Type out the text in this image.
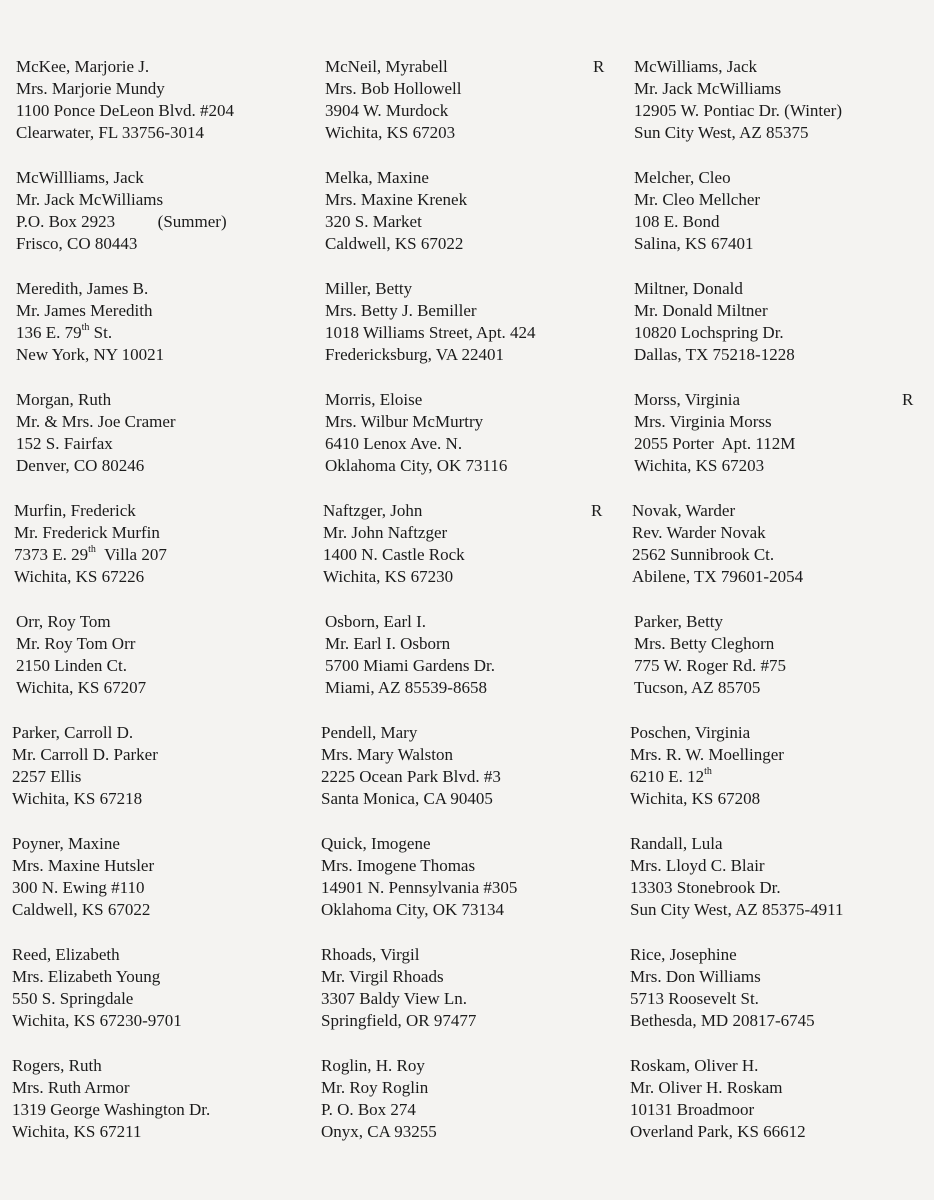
McKee, Marjorie J.
Mrs. Marjorie Mundy
1100 Ponce DeLeon Blvd. #204
Clearwater, FL 33756-3014
McWillliams, Jack
Mr. Jack McWilliams
P.O. Box 2923          (Summer)
Frisco, CO 80443
Meredith, James B.
Mr. James Meredith
136 E. 79th St.
New York, NY 10021
Morgan, Ruth
Mr. & Mrs. Joe Cramer
152 S. Fairfax
Denver, CO 80246
Murfin, Frederick
Mr. Frederick Murfin
7373 E. 29th  Villa 207
Wichita, KS 67226
Orr, Roy Tom
Mr. Roy Tom Orr
2150 Linden Ct.
Wichita, KS 67207
Parker, Carroll D.
Mr. Carroll D. Parker
2257 Ellis
Wichita, KS 67218
Poyner, Maxine
Mrs. Maxine Hutsler
300 N. Ewing #110
Caldwell, KS 67022
Reed, Elizabeth
Mrs. Elizabeth Young
550 S. Springdale
Wichita, KS 67230-9701
Rogers, Ruth
Mrs. Ruth Armor
1319 George Washington Dr.
Wichita, KS 67211
McNeil, Myrabell
Mrs. Bob Hollowell
3904 W. Murdock
Wichita, KS 67203
R
Melka, Maxine
Mrs. Maxine Krenek
320 S. Market
Caldwell, KS 67022
Miller, Betty
Mrs. Betty J. Bemiller
1018 Williams Street, Apt. 424
Fredericksburg, VA 22401
Morris, Eloise
Mrs. Wilbur McMurtry
6410 Lenox Ave. N.
Oklahoma City, OK 73116
Naftzger, John
Mr. John Naftzger
1400 N. Castle Rock
Wichita, KS 67230
R
Osborn, Earl I.
Mr. Earl I. Osborn
5700 Miami Gardens Dr.
Miami, AZ 85539-8658
Pendell, Mary
Mrs. Mary Walston
2225 Ocean Park Blvd. #3
Santa Monica, CA 90405
Quick, Imogene
Mrs. Imogene Thomas
14901 N. Pennsylvania #305
Oklahoma City, OK 73134
Rhoads, Virgil
Mr. Virgil Rhoads
3307 Baldy View Ln.
Springfield, OR 97477
Roglin, H. Roy
Mr. Roy Roglin
P. O. Box 274
Onyx, CA 93255
McWilliams, Jack
Mr. Jack McWilliams
12905 W. Pontiac Dr. (Winter)
Sun City West, AZ 85375
Melcher, Cleo
Mr. Cleo Mellcher
108 E. Bond
Salina, KS 67401
Miltner, Donald
Mr. Donald Miltner
10820 Lochspring Dr.
Dallas, TX 75218-1228
Morss, Virginia
Mrs. Virginia Morss
2055 Porter  Apt. 112M
Wichita, KS 67203
R
Novak, Warder
Rev. Warder Novak
2562 Sunnibrook Ct.
Abilene, TX 79601-2054
Parker, Betty
Mrs. Betty Cleghorn
775 W. Roger Rd. #75
Tucson, AZ 85705
Poschen, Virginia
Mrs. R. W. Moellinger
6210 E. 12th
Wichita, KS 67208
Randall, Lula
Mrs. Lloyd C. Blair
13303 Stonebrook Dr.
Sun City West, AZ 85375-4911
Rice, Josephine
Mrs. Don Williams
5713 Roosevelt St.
Bethesda, MD 20817-6745
Roskam, Oliver H.
Mr. Oliver H. Roskam
10131 Broadmoor
Overland Park, KS 66612
